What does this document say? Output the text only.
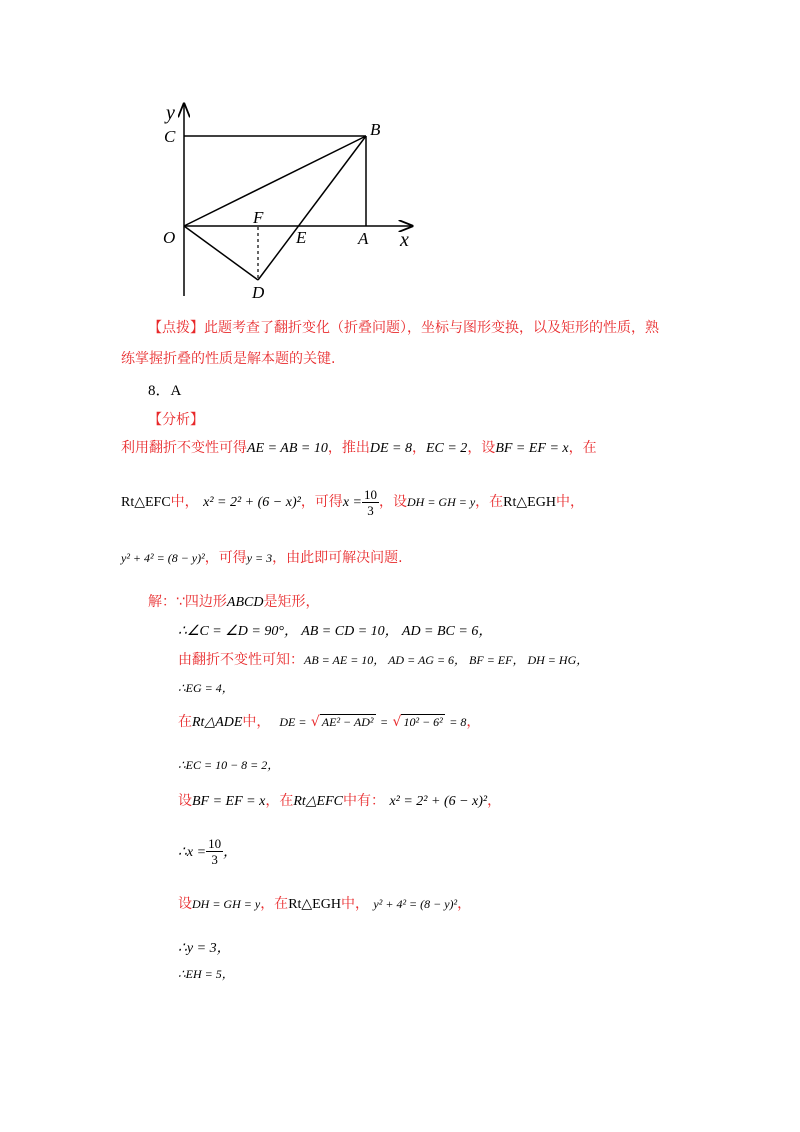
y
C	B
O
F
E	A x
D
【点拨】此题考查了翻折变化（折叠问题），坐标与图形变换，以及矩形的性质，熟
练掌握折叠的性质是解本题的关键.
8．A
【分析】
利用翻折不变性可得AE = AB = 10，推出DE = 8，EC = 2，设BF = EF = x，在
Rt△EFC中， x² = 2² + (6 − x)²，可得$x = \frac{10}{3}$ ，设DH = GH = y，在Rt△EGH中，
y² + 4² = (8 − y)²，可得y = 3，由此即可解决问题.
解：∵四边形ABCD是矩形，
∴∠C = ∠D = 90°， AB = CD = 10， AD = BC = 6，
由翻折不变性可知：AB = AE = 10， AD = AG = 6， BF = EF， DH = HG，
∴EG = 4，
在Rt△ADE中， DE = √ AE² − AD² = √ 10² − 6² = 8，
∴EC = 10 − 8 = 2，
设BF = EF = x，在Rt△EFC中有： x² = 2² + (6 − x)²，
∴x = $\frac{10}{3}$ ，
设DH = GH = y，在Rt△EGH中， y² + 4² = (8 − y)²，
∴y = 3，
∴EH = 5，
